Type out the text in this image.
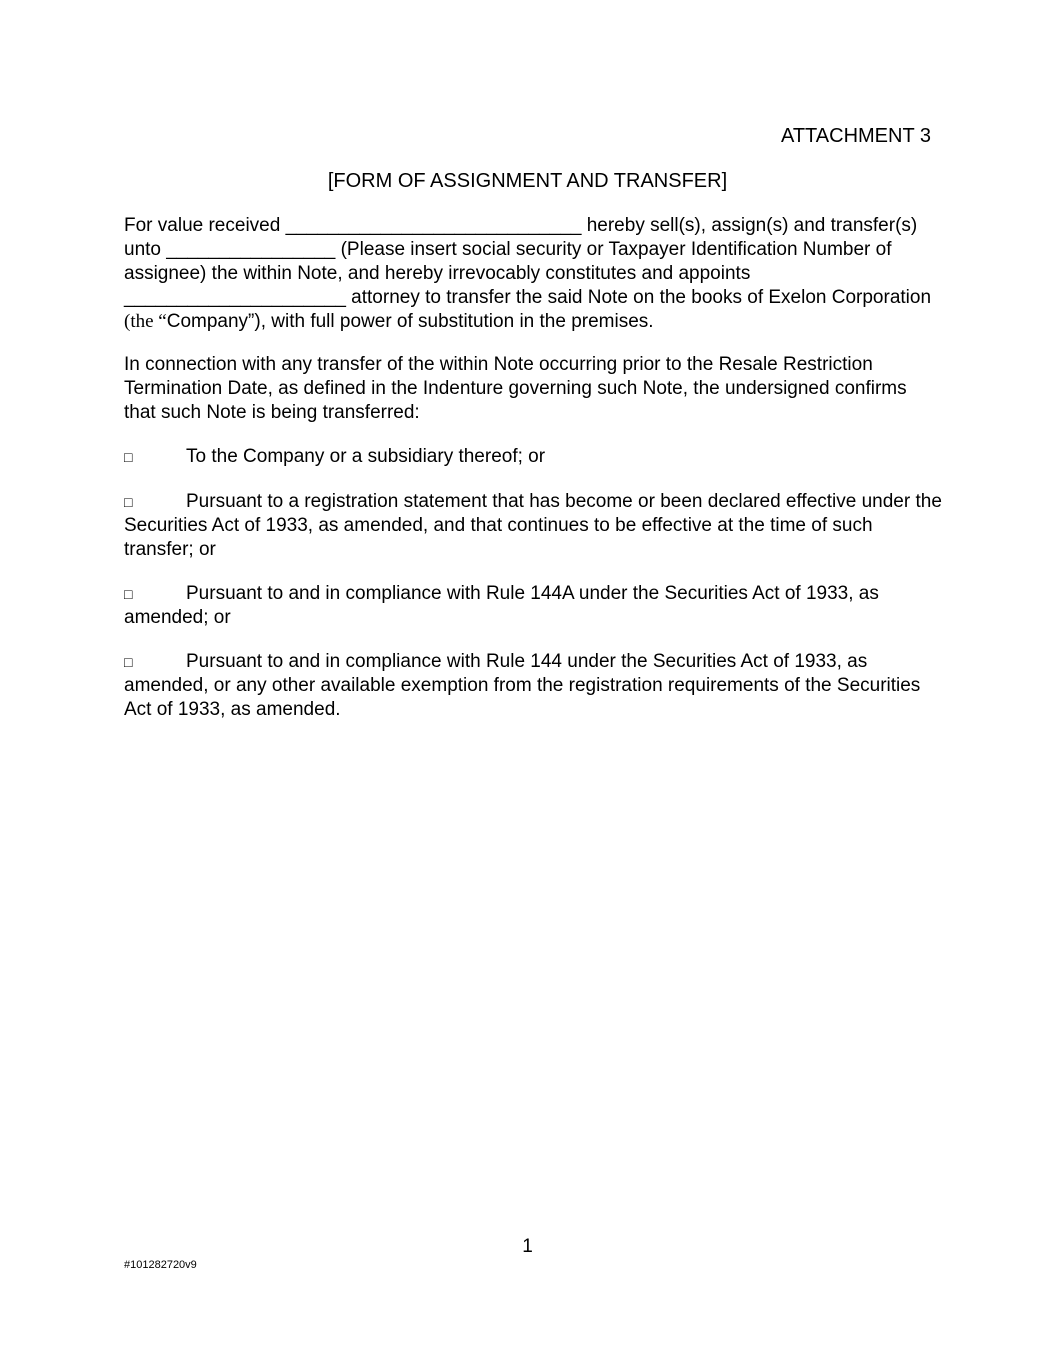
ATTACHMENT 3
[FORM OF ASSIGNMENT AND TRANSFER]
For value received ____________________________ hereby sell(s), assign(s) and transfer(s)
unto ________________ (Please insert social security or Taxpayer Identification Number of
assignee) the within Note, and hereby irrevocably constitutes and appoints
_____________________ attorney to transfer the said Note on the books of Exelon Corporation
(the “Company”), with full power of substitution in the premises.
In connection with any transfer of the within Note occurring prior to the Resale Restriction
Termination Date, as defined in the Indenture governing such Note, the undersigned confirms
that such Note is being transferred:
□	To the Company or a subsidiary thereof; or
□	Pursuant to a registration statement that has become or been declared effective under the
Securities Act of 1933, as amended, and that continues to be effective at the time of such
transfer; or
□	Pursuant to and in compliance with Rule 144A under the Securities Act of 1933, as
amended; or
□	Pursuant to and in compliance with Rule 144 under the Securities Act of 1933, as
amended, or any other available exemption from the registration requirements of the Securities
Act of 1933, as amended.
1
#101282720v9
